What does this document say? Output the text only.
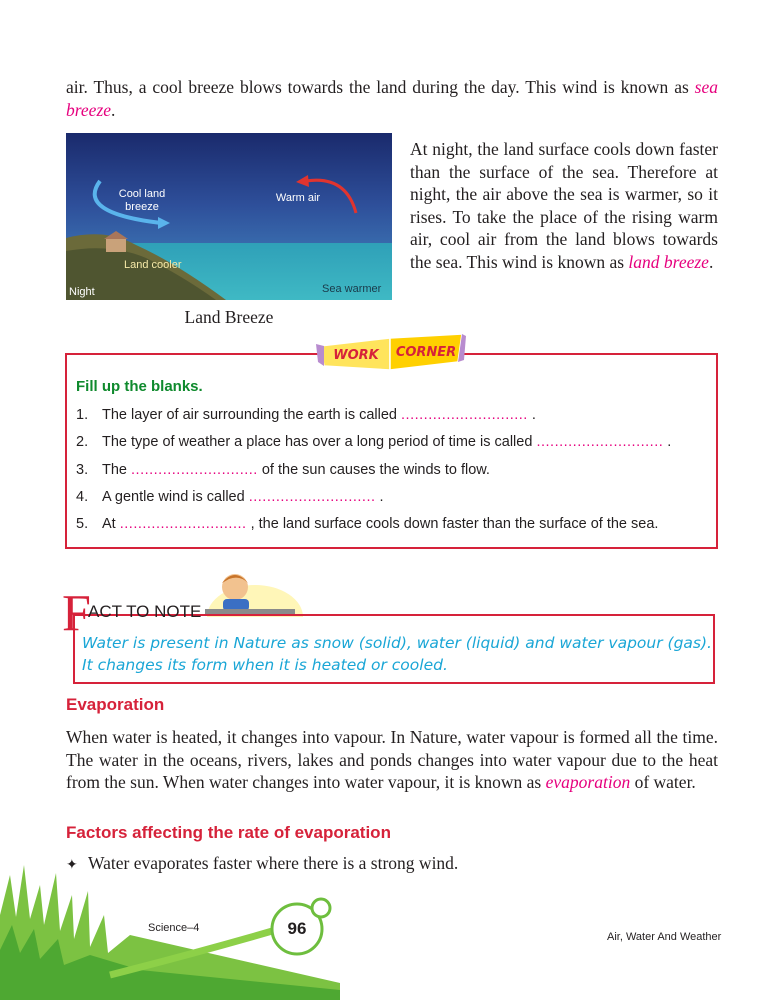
air. Thus, a cool breeze blows towards the land during the day. This wind is known as sea breeze.

Cool land
breeze
Warm air
Land cooler
Night	Sea warmer
Land Breeze

At night, the land surface cools down faster than the surface of the sea. Therefore at night, the air above the sea is warmer, so it rises. To take the place of the rising warm air, cool air from the land blows towards the sea. This wind is known as land breeze.

WORK CORNER
Fill up the blanks.
1. The layer of air surrounding the earth is called ............................ .
2. The type of weather a place has over a long period of time is called ............................ .
3. The ............................ of the sun causes the winds to flow.
4. A gentle wind is called ............................ .
5. At ............................ , the land surface cools down faster than the surface of the sea.
F
ACT TO NOTE
Water is present in Nature as snow (solid), water (liquid) and water vapour (gas).
It changes its form when it is heated or cooled.
Evaporation

When water is heated, it changes into vapour. In Nature, water vapour is formed all the time. The water in the oceans, rivers, lakes and ponds changes into water vapour due to the heat from the sun. When water changes into water vapour, it is known as evaporation of water.

Factors affecting the rate of evaporation
✦ Water evaporates faster where there is a strong wind.
Science–4	96	Air, Water And Weather
